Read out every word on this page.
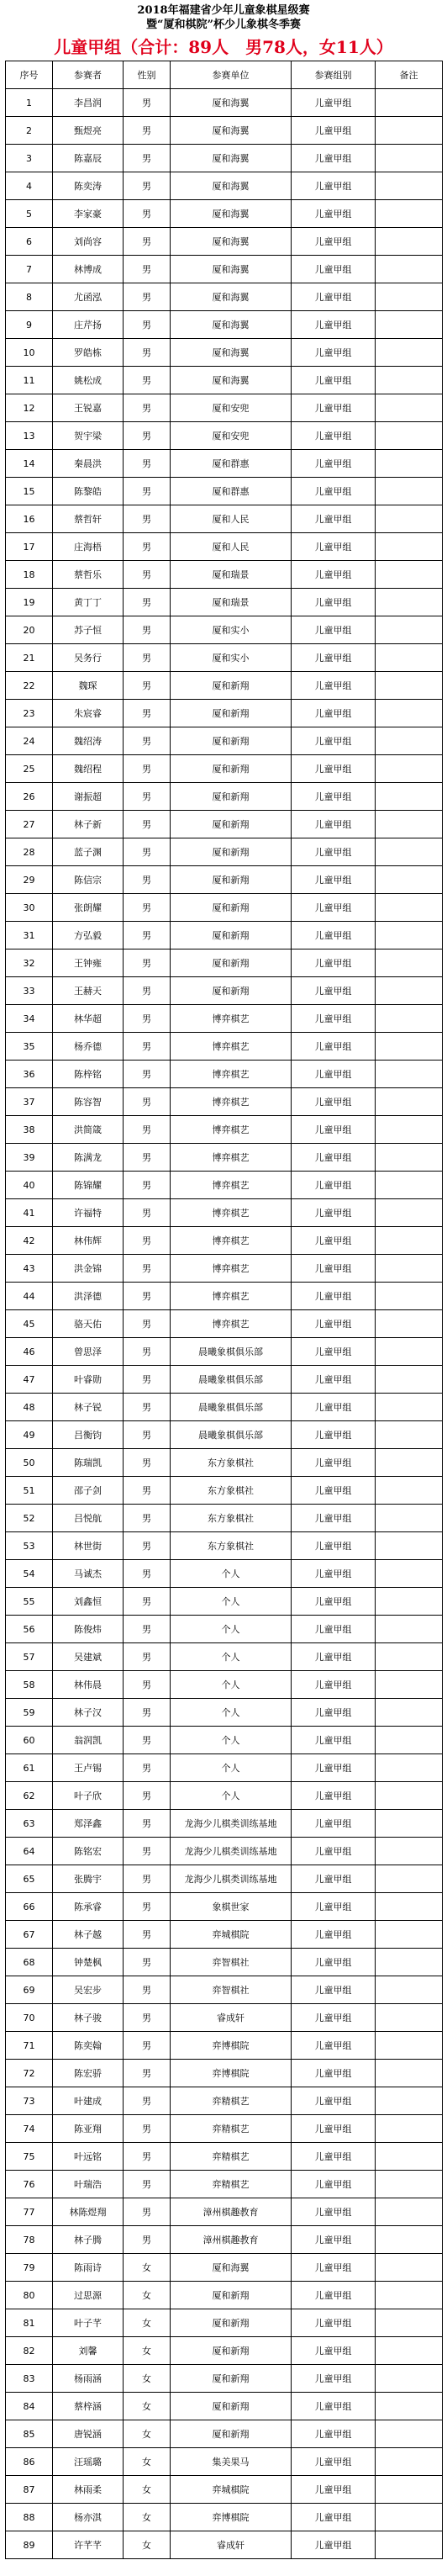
2018年福建省少年儿童象棋星级赛
暨“厦和棋院”杯少儿象棋冬季赛
儿童甲组（合计：89人　男78人，女11人）
序号	参赛者	性别	参赛单位	参赛组别	备注
1	李昌润	男	厦和海翼	儿童甲组	
2	甄煜亮	男	厦和海翼	儿童甲组	
3	陈嘉辰	男	厦和海翼	儿童甲组	
4	陈奕涛	男	厦和海翼	儿童甲组	
5	李家豪	男	厦和海翼	儿童甲组	
6	刘尚容	男	厦和海翼	儿童甲组	
7	林博成	男	厦和海翼	儿童甲组	
8	尤函泓	男	厦和海翼	儿童甲组	
9	庄芹扬	男	厦和海翼	儿童甲组	
10	罗皓栋	男	厦和海翼	儿童甲组	
11	姚松成	男	厦和海翼	儿童甲组	
12	王锐嘉	男	厦和安兜	儿童甲组	
13	贺宇梁	男	厦和安兜	儿童甲组	
14	秦晨洪	男	厦和群惠	儿童甲组	
15	陈黎皓	男	厦和群惠	儿童甲组	
16	蔡哲轩	男	厦和人民	儿童甲组	
17	庄海梧	男	厦和人民	儿童甲组	
18	蔡哲乐	男	厦和瑞景	儿童甲组	
19	黄丁丁	男	厦和瑞景	儿童甲组	
20	苏子恒	男	厦和实小	儿童甲组	
21	吴务行	男	厦和实小	儿童甲组	
22	魏琛	男	厦和新翔	儿童甲组	
23	朱宸睿	男	厦和新翔	儿童甲组	
24	魏绍涛	男	厦和新翔	儿童甲组	
25	魏绍程	男	厦和新翔	儿童甲组	
26	谢振超	男	厦和新翔	儿童甲组	
27	林子新	男	厦和新翔	儿童甲组	
28	蓝子渊	男	厦和新翔	儿童甲组	
29	陈信宗	男	厦和新翔	儿童甲组	
30	张朗耀	男	厦和新翔	儿童甲组	
31	方弘毅	男	厦和新翔	儿童甲组	
32	王钟雍	男	厦和新翔	儿童甲组	
33	王赫天	男	厦和新翔	儿童甲组	
34	林华超	男	博弈棋艺	儿童甲组	
35	杨乔德	男	博弈棋艺	儿童甲组	
36	陈梓铭	男	博弈棋艺	儿童甲组	
37	陈容智	男	博弈棋艺	儿童甲组	
38	洪简箴	男	博弈棋艺	儿童甲组	
39	陈满龙	男	博弈棋艺	儿童甲组	
40	陈锦耀	男	博弈棋艺	儿童甲组	
41	许福特	男	博弈棋艺	儿童甲组	
42	林伟辉	男	博弈棋艺	儿童甲组	
43	洪金锦	男	博弈棋艺	儿童甲组	
44	洪泽德	男	博弈棋艺	儿童甲组	
45	骆天佑	男	博弈棋艺	儿童甲组	
46	曾思泽	男	晨曦象棋俱乐部	儿童甲组	
47	叶睿勋	男	晨曦象棋俱乐部	儿童甲组	
48	林子锐	男	晨曦象棋俱乐部	儿童甲组	
49	吕衡钧	男	晨曦象棋俱乐部	儿童甲组	
50	陈瑞凯	男	东方象棋社	儿童甲组	
51	邵子剑	男	东方象棋社	儿童甲组	
52	吕悦航	男	东方象棋社	儿童甲组	
53	林世街	男	东方象棋社	儿童甲组	
54	马诚杰	男	个人	儿童甲组	
55	刘鑫恒	男	个人	儿童甲组	
56	陈俊炜	男	个人	儿童甲组	
57	吴建斌	男	个人	儿童甲组	
58	林伟晨	男	个人	儿童甲组	
59	林子汉	男	个人	儿童甲组	
60	翁润凯	男	个人	儿童甲组	
61	王卢锡	男	个人	儿童甲组	
62	叶子欣	男	个人	儿童甲组	
63	郑泽鑫	男	龙海少儿棋类训练基地	儿童甲组	
64	陈铭宏	男	龙海少儿棋类训练基地	儿童甲组	
65	张腾宇	男	龙海少儿棋类训练基地	儿童甲组	
66	陈承睿	男	象棋世家	儿童甲组	
67	林子越	男	弈城棋院	儿童甲组	
68	钟楚枫	男	弈智棋社	儿童甲组	
69	吴宏步	男	弈智棋社	儿童甲组	
70	林子骏	男	睿成轩	儿童甲组	
71	陈奕翰	男	弈博棋院	儿童甲组	
72	陈宏骄	男	弈博棋院	儿童甲组	
73	叶建成	男	弈精棋艺	儿童甲组	
74	陈亚翔	男	弈精棋艺	儿童甲组	
75	叶远铭	男	弈精棋艺	儿童甲组	
76	叶瑞浩	男	弈精棋艺	儿童甲组	
77	林陈煜翔	男	漳州棋趣教育	儿童甲组	
78	林子腾	男	漳州棋趣教育	儿童甲组	
79	陈雨诗	女	厦和海翼	儿童甲组	
80	过思源	女	厦和新翔	儿童甲组	
81	叶子芊	女	厦和新翔	儿童甲组	
82	刘馨	女	厦和新翔	儿童甲组	
83	杨雨涵	女	厦和新翔	儿童甲组	
84	蔡梓涵	女	厦和新翔	儿童甲组	
85	唐锐涵	女	厦和新翔	儿童甲组	
86	汪瑶璐	女	集美果马	儿童甲组	
87	林雨柔	女	弈城棋院	儿童甲组	
88	杨亦淇	女	弈博棋院	儿童甲组	
89	许芊芊	女	睿成轩	儿童甲组	
